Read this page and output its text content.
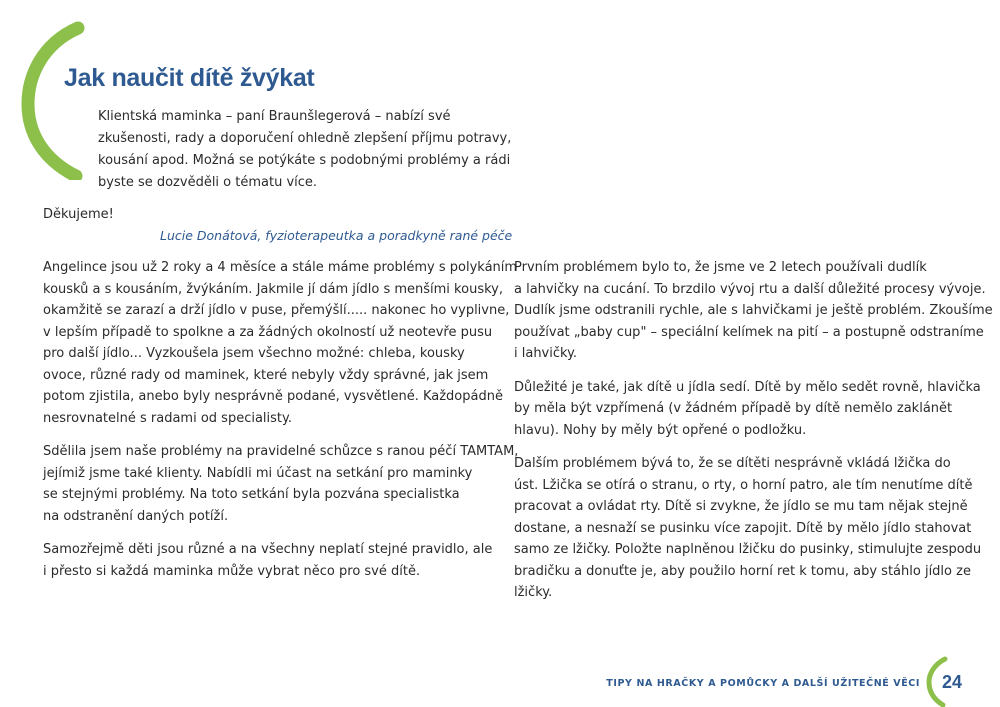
Jak naučit dítě žvýkat
Klientská maminka – paní Braunšlegerová – nabízí své
zkušenosti, rady a doporučení ohledně zlepšení příjmu potravy,
kousání apod. Možná se potýkáte s podobnými problémy a rádi
byste se dozvěděli o tématu více.
Děkujeme!
Lucie Donátová, fyzioterapeutka a poradkyně rané péče

Angelince jsou už 2 roky a 4 měsíce a stále máme problémy s polykáním
kousků a s kousáním, žvýkáním. Jakmile jí dám jídlo s menšími kousky,
okamžitě se zarazí a drží jídlo v puse, přemýšlí..... nakonec ho vyplivne,
v lepším případě to spolkne a za žádných okolností už neotevře pusu
pro další jídlo... Vyzkoušela jsem všechno možné: chleba, kousky
ovoce, různé rady od maminek, které nebyly vždy správné, jak jsem
potom zjistila, anebo byly nesprávně podané, vysvětlené. Každopádně
nesrovnatelné s radami od specialisty.

Sdělila jsem naše problémy na pravidelné schůzce s ranou péčí TAMTAM,
jejímiž jsme také klienty. Nabídli mi účast na setkání pro maminky
se stejnými problémy. Na toto setkání byla pozvána specialistka
na odstranění daných potíží.

Samozřejmě děti jsou různé a na všechny neplatí stejné pravidlo, ale
i přesto si každá maminka může vybrat něco pro své dítě.

Prvním problémem bylo to, že jsme ve 2 letech používali dudlík
a lahvičky na cucání. To brzdilo vývoj rtu a další důležité procesy vývoje.
Dudlík jsme odstranili rychle, ale s lahvičkami je ještě problém. Zkoušíme
používat „baby cup" – speciální kelímek na pití – a postupně odstraníme
i lahvičky.

Důležité je také, jak dítě u jídla sedí. Dítě by mělo sedět rovně, hlavička
by měla být vzpřímená (v žádném případě by dítě nemělo zaklánět
hlavu). Nohy by měly být opřené o podložku.

Dalším problémem bývá to, že se dítěti nesprávně vkládá lžička do
úst. Lžička se otírá o stranu, o rty, o horní patro, ale tím nenutíme dítě
pracovat a ovládat rty. Dítě si zvykne, že jídlo se mu tam nějak stejně
dostane, a nesnaží se pusinku více zapojit. Dítě by mělo jídlo stahovat
samo ze lžičky. Položte naplněnou lžičku do pusinky, stimulujte zespodu
bradičku a donuťte je, aby použilo horní ret k tomu, aby stáhlo jídlo ze
lžičky.

TIPY NA HRAČKY A POMŮCKY A DALŠÍ UŽITEČNÉ VĚCI 24
